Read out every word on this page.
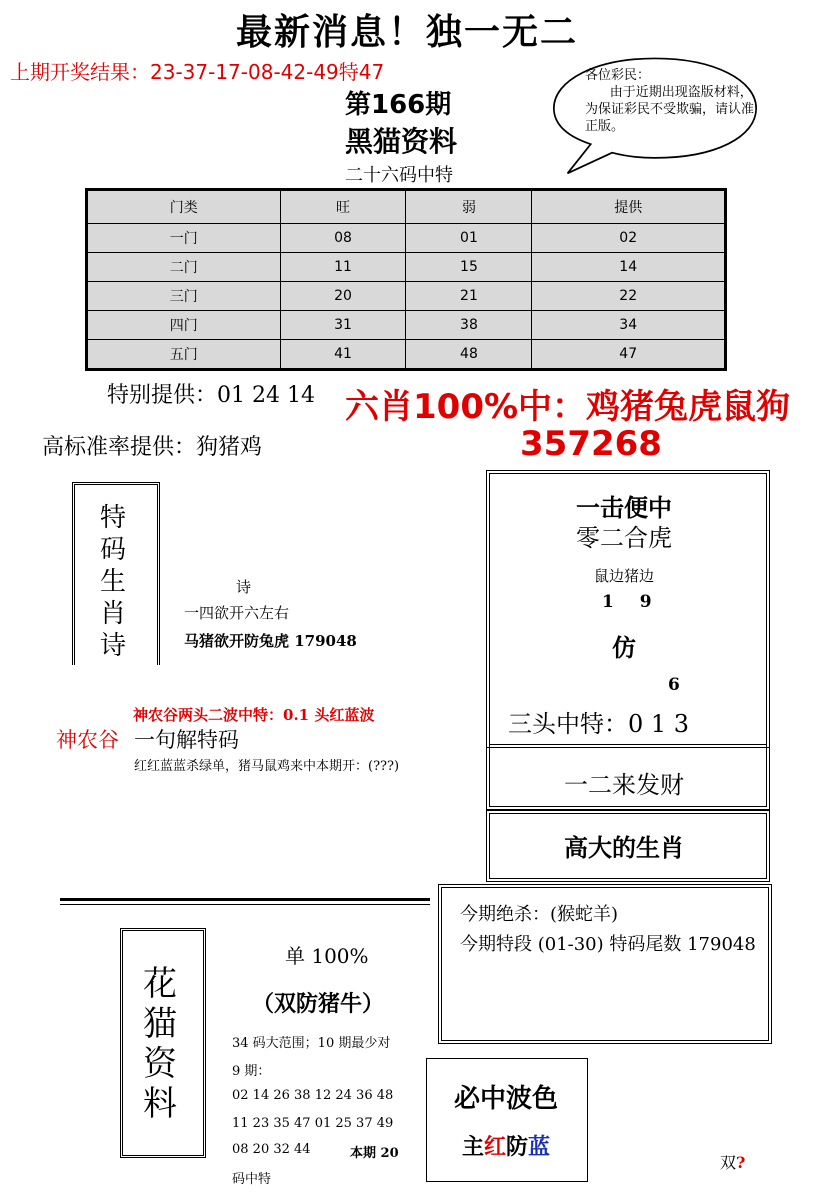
最新消息！独一无二
上期开奖结果：23-37-17-08-42-49特47
第166期
黑猫资料
二十六码中特
各位彩民：
由于近期出现盗版材料，为保证彩民不受欺骗，请认准正版。
门类	旺	弱	提供
一门	08	01	02
二门	11	15	14
三门	20	21	22
四门	31	38	34
五门	41	48	47
特别提供：01 24 14 六肖100%中：鸡猪兔虎鼠狗
357268
高标准率提供：狗猪鸡
特码生肖诗
诗
一四欲开六左右
马猪欲开防兔虎 179048
一击便中
零二合虎
鼠边猪边
1 9
仿
6
三头中特：0 1 3
一二来发财
高大的生肖
神农谷两头二波中特：0.1 头红蓝波
神农谷 一句解特码
红红蓝蓝杀绿单，猪马鼠鸡来中本期开：(???)
今期绝杀：(猴蛇羊)
今期特段 (01-30) 特码尾数 179048
花猫资料
单 100%
（双防猪牛）
34 码大范围；10 期最少对
9 期：
02 14 26 38 12 24 36 48
11 23 35 47 01 25 37 49
08 20 32 44	本期 20
码中特
必中波色
主红防蓝
双?
